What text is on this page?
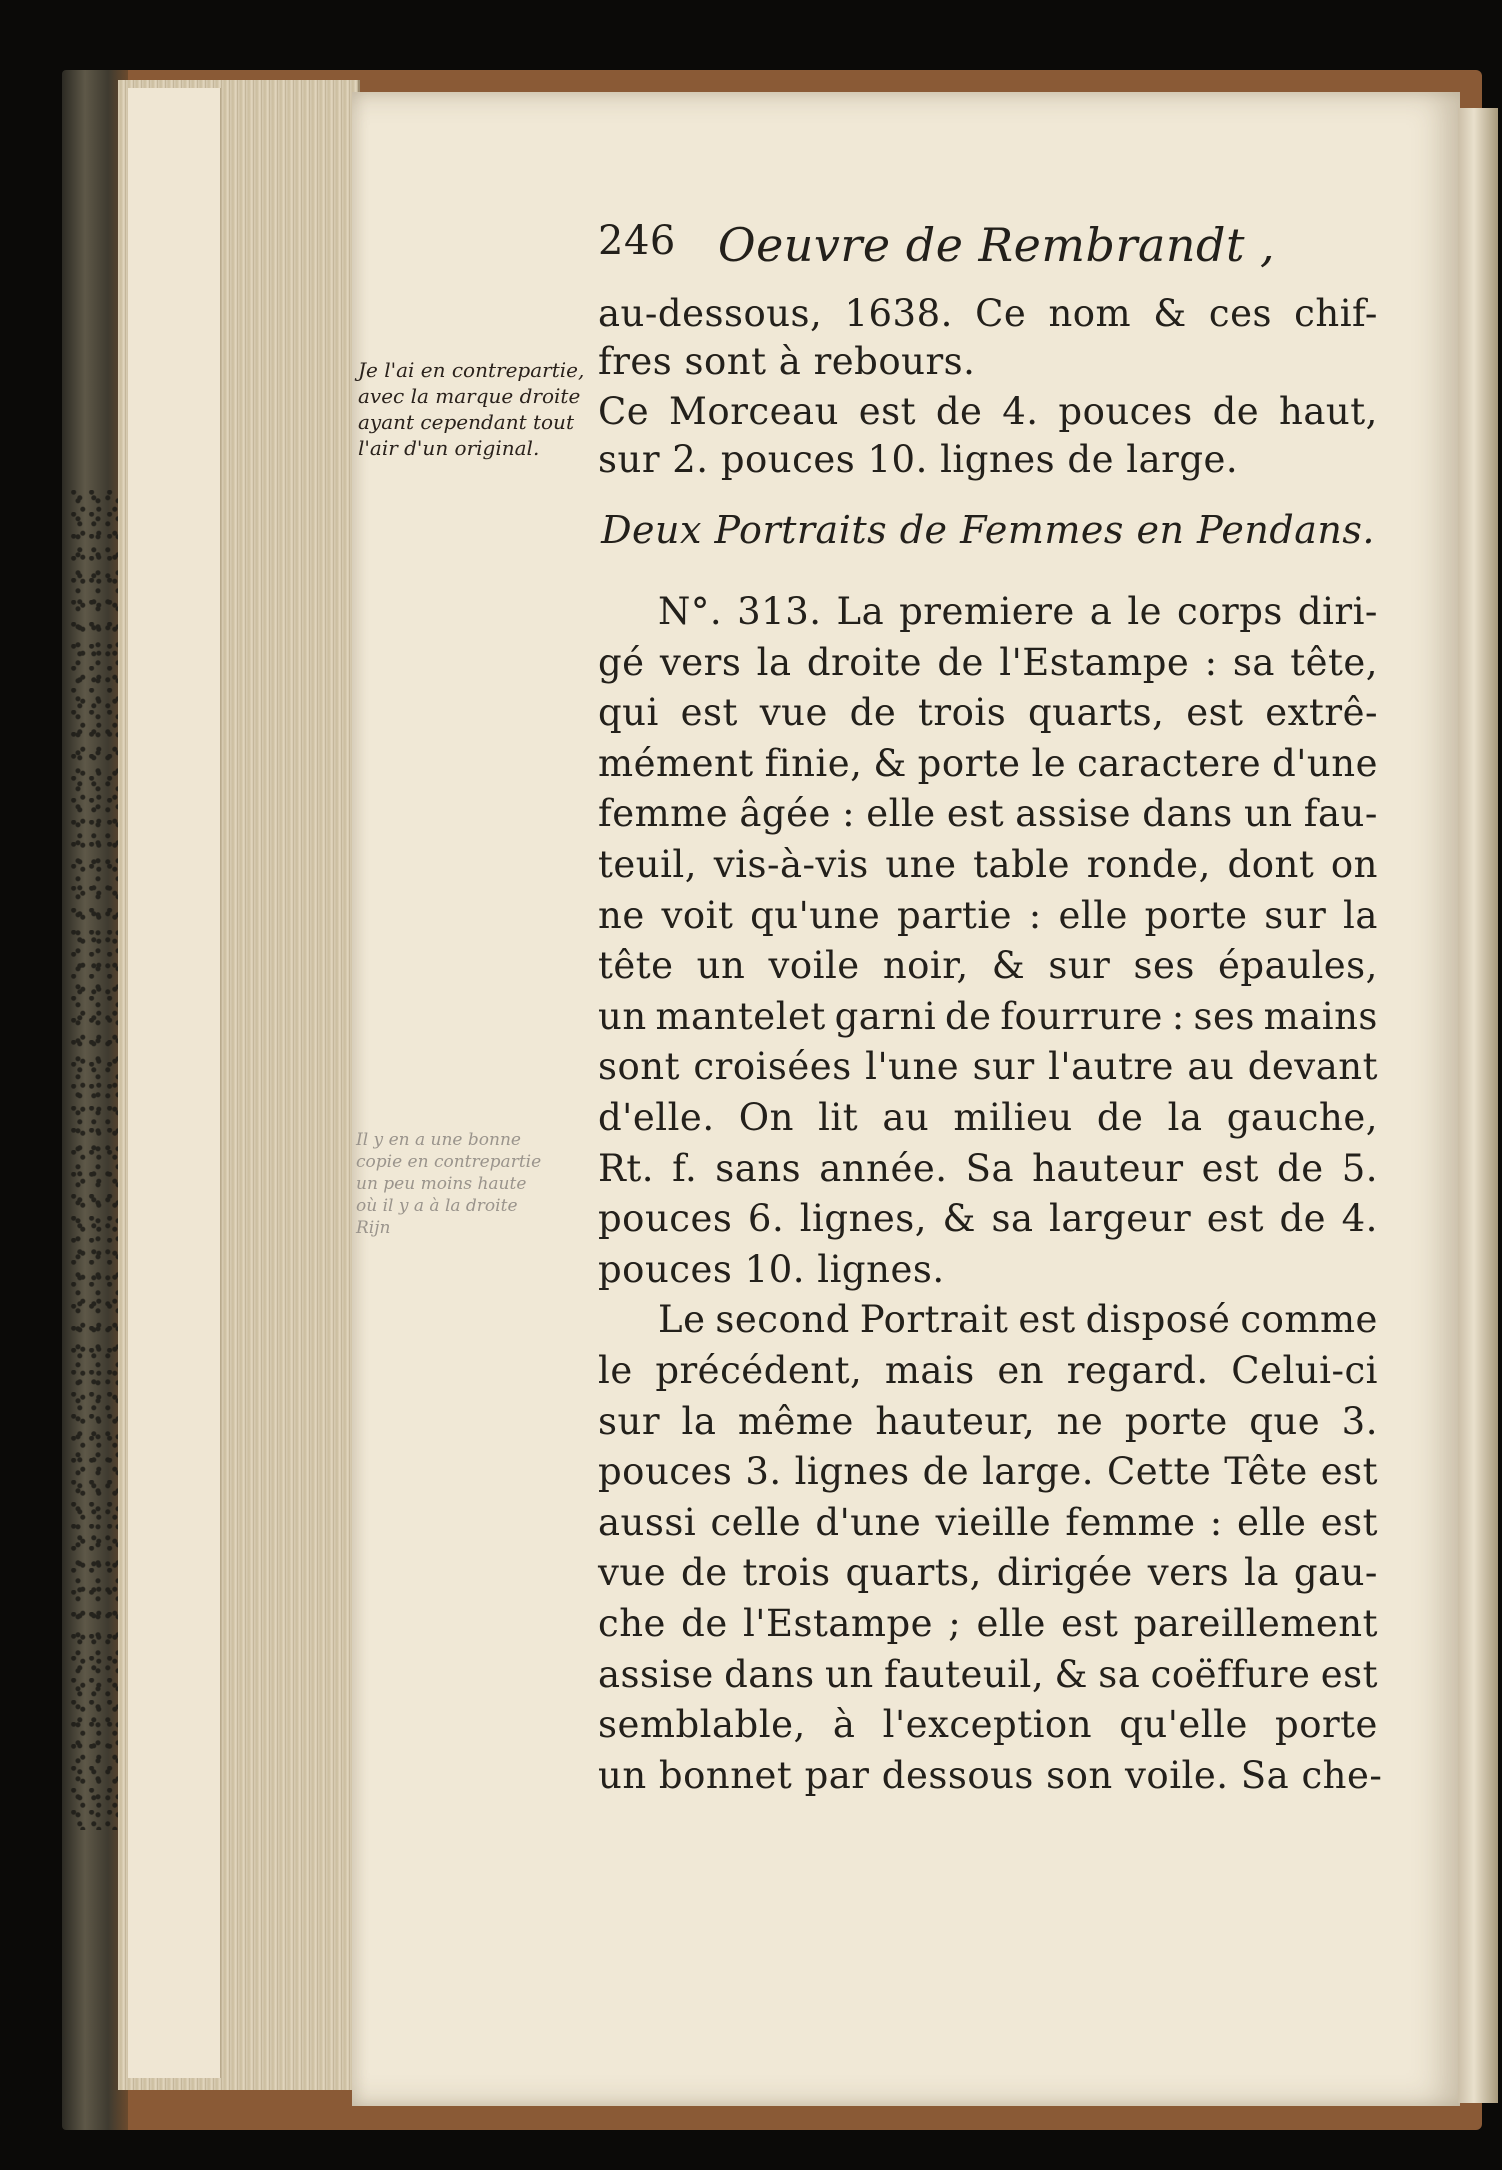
246 Oeuvre de Rembrandt ,
au-dessous, 1638. Ce nom & ces chif-
fres sont à rebours.
Ce Morceau est de 4. pouces de haut,
sur 2. pouces 10. lignes de large.
Deux Portraits de Femmes en Pendans.
N°. 313. La premiere a le corps diri-
gé vers la droite de l'Estampe : sa tête,
qui est vue de trois quarts, est extrê-
mément finie, & porte le caractere d'une
femme âgée : elle est assise dans un fau-
teuil, vis-à-vis une table ronde, dont on
ne voit qu'une partie : elle porte sur la
tête un voile noir, & sur ses épaules,
un mantelet garni de fourrure : ses mains
sont croisées l'une sur l'autre au devant
d'elle. On lit au milieu de la gauche,
Rt. f. sans année. Sa hauteur est de 5.
pouces 6. lignes, & sa largeur est de 4.
pouces 10. lignes.
Le second Portrait est disposé comme
le précédent, mais en regard. Celui-ci
sur la même hauteur, ne porte que 3.
pouces 3. lignes de large. Cette Tête est
aussi celle d'une vieille femme : elle est
vue de trois quarts, dirigée vers la gau-
che de l'Estampe ; elle est pareillement
assise dans un fauteuil, & sa coëffure est
semblable, à l'exception qu'elle porte
un bonnet par dessous son voile. Sa che-
Je l'ai en contrepartie,
avec la marque droite
ayant cependant tout
l'air d'un original.
Il y en a une bonne
copie en contrepartie
un peu moins haute
où il y a à la droite
Rijn
